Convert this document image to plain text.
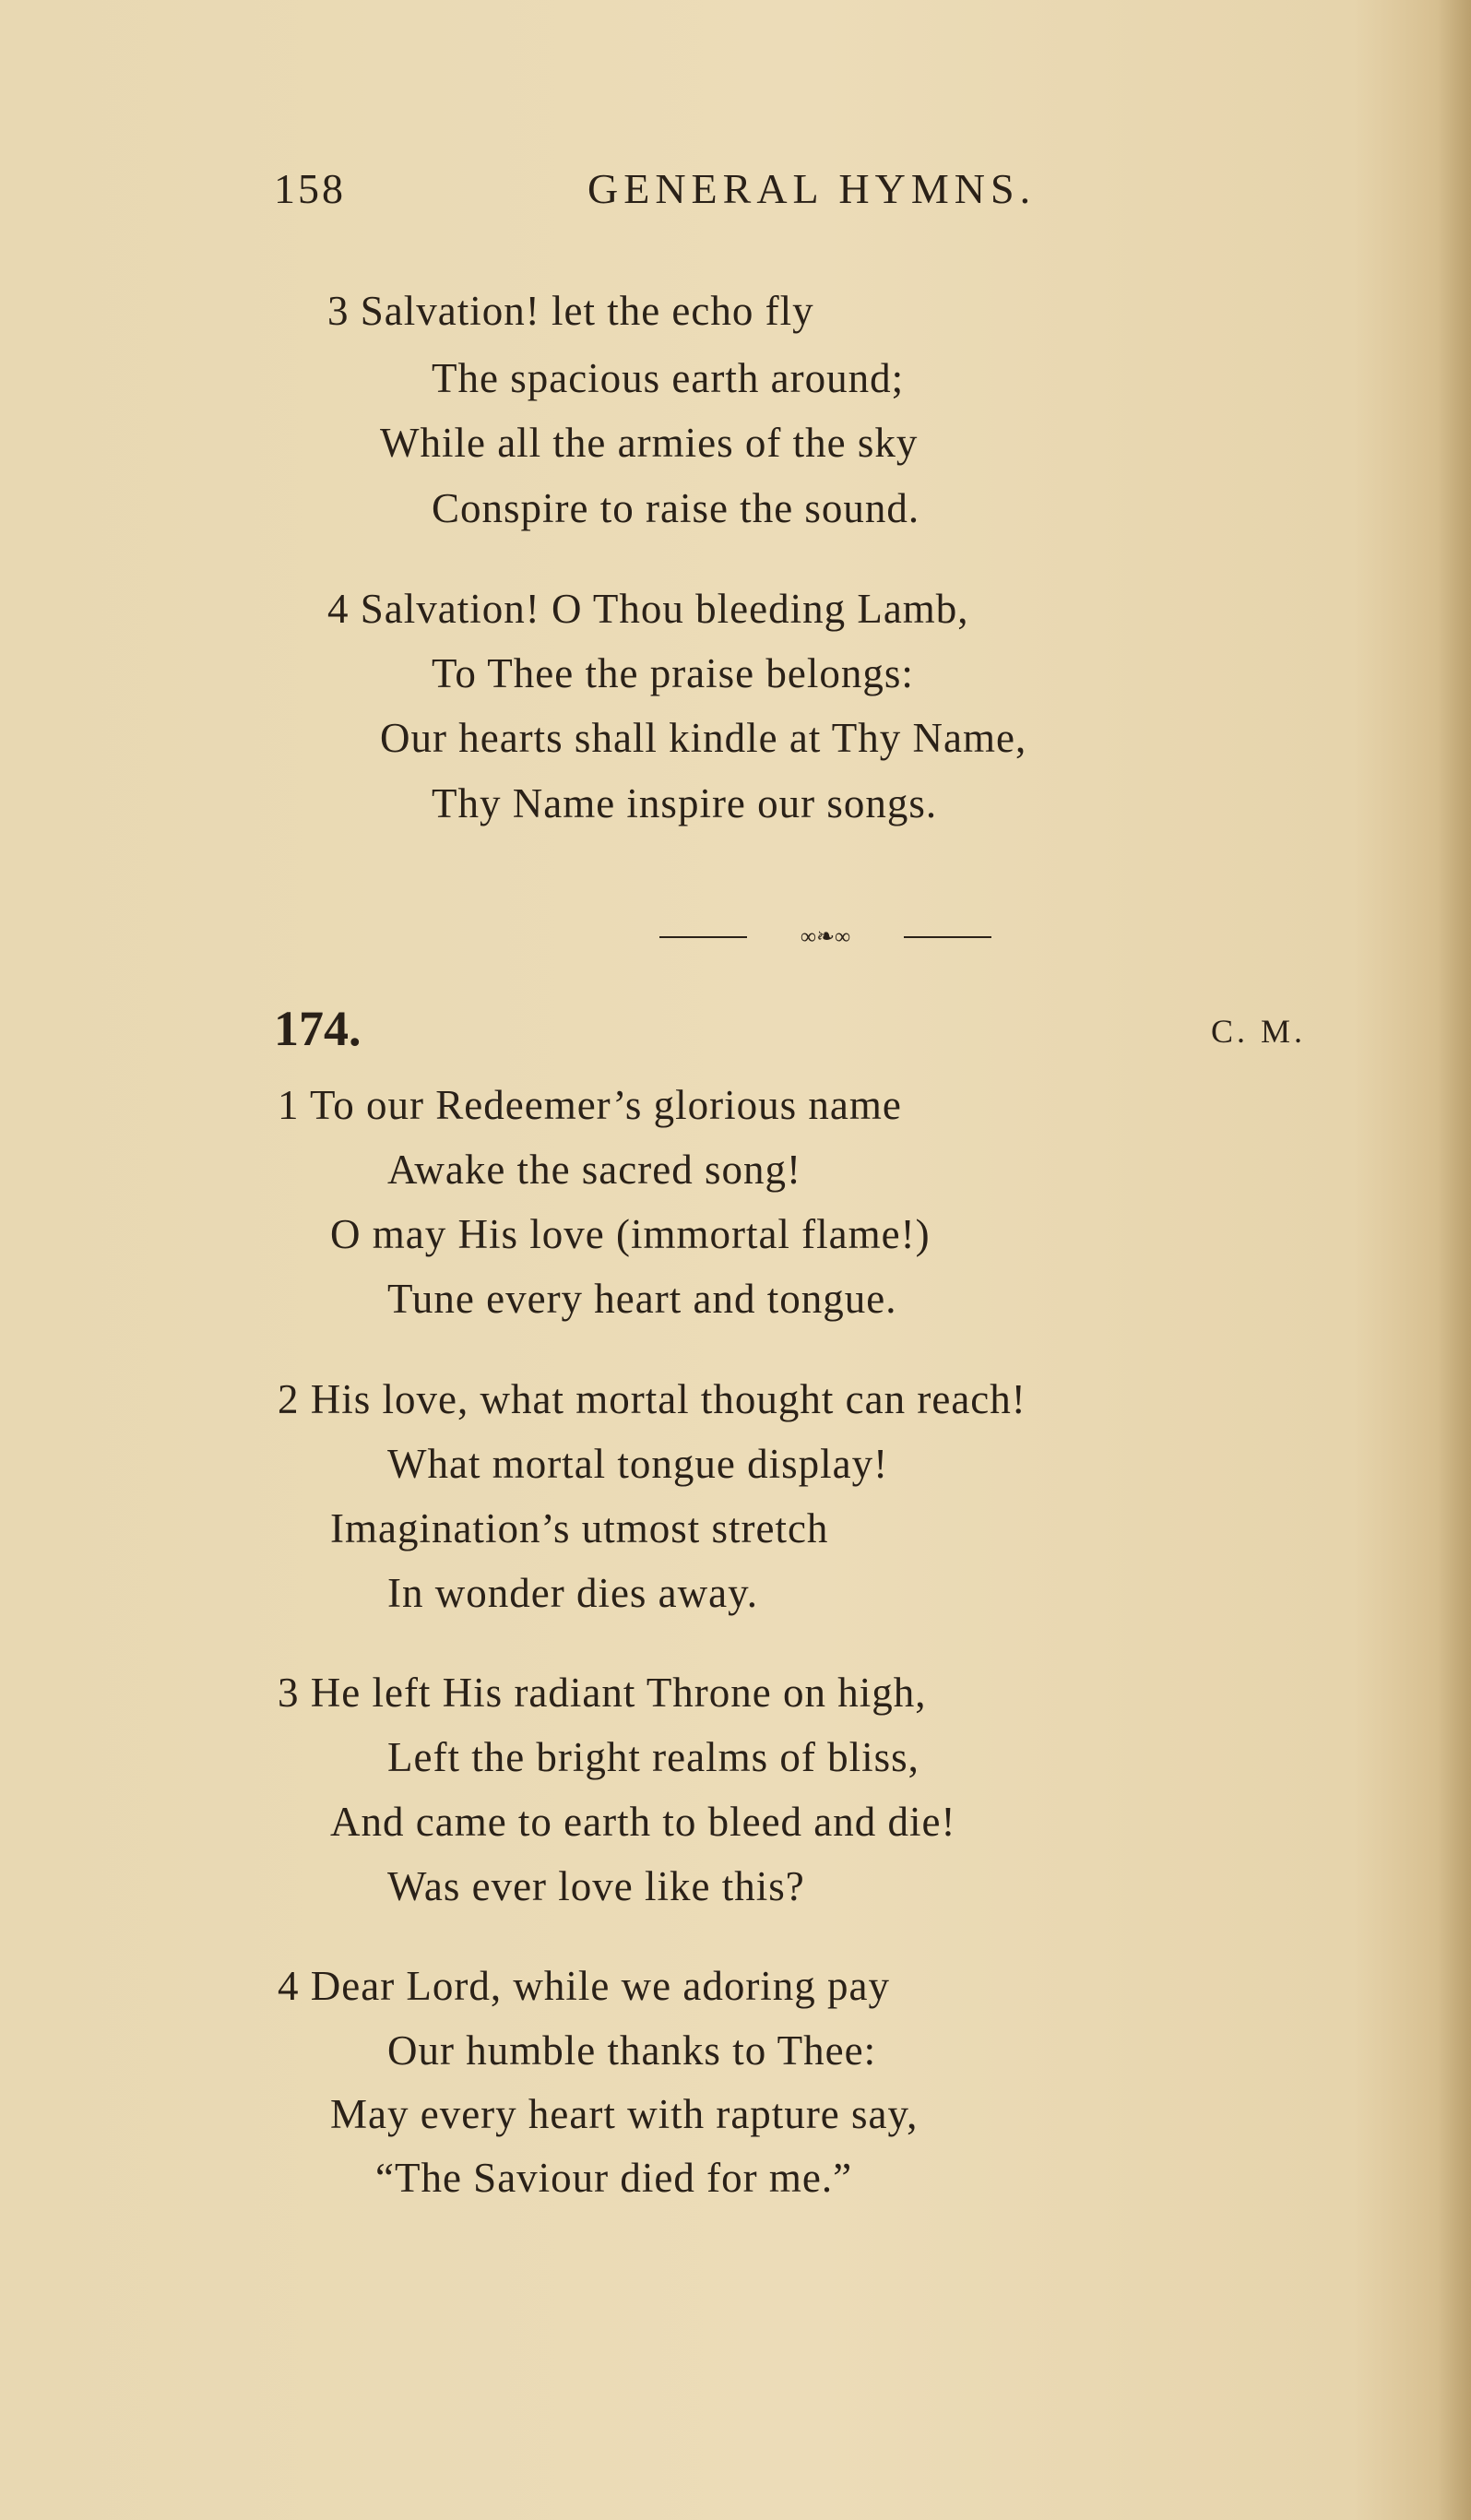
158	GENERAL HYMNS.
3 Salvation! let the echo fly
The spacious earth around;
While all the armies of the sky
Conspire to raise the sound.
4 Salvation! O Thou bleeding Lamb,
To Thee the praise belongs:
Our hearts shall kindle at Thy Name,
Thy Name inspire our songs.
∞❧∞
174.	C. M.
1 To our Redeemer’s glorious name
Awake the sacred song!
O may His love (immortal flame!)
Tune every heart and tongue.
2 His love, what mortal thought can reach!
What mortal tongue display!
Imagination’s utmost stretch
In wonder dies away.
3 He left His radiant Throne on high,
Left the bright realms of bliss,
And came to earth to bleed and die!
Was ever love like this?
4 Dear Lord, while we adoring pay
Our humble thanks to Thee:
May every heart with rapture say,
“The Saviour died for me.”
